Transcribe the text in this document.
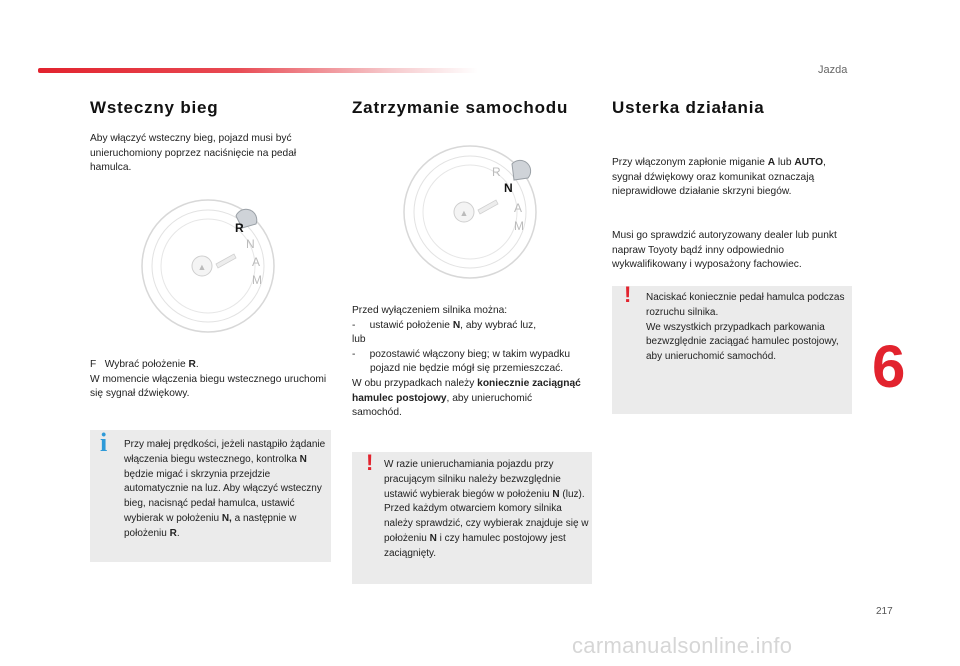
Jazda
Wsteczny bieg
Aby włączyć wsteczny bieg, pojazd musi być unieruchomiony poprzez naciśnięcie na pedał hamulca.
▲
R
N
A
M
F Wybrać położenie R.
W momencie włączenia biegu wstecznego uruchomi się sygnał dźwiękowy.
i Przy małej prędkości, jeżeli nastąpiło żądanie włączenia biegu wstecznego, kontrolka N będzie migać i skrzynia przejdzie automatycznie na luz. Aby włączyć wsteczny bieg, nacisnąć pedał hamulca, ustawić wybierak w położeniu N, a następnie w położeniu R.
Zatrzymanie samochodu
▲
R
N
A
M
Przed wyłączeniem silnika można:
- ustawić położenie N, aby wybrać luz,
lub
- pozostawić włączony bieg; w takim wypadku pojazd nie będzie mógł się przemieszczać.
W obu przypadkach należy koniecznie zaciągnąć hamulec postojowy, aby unieruchomić samochód.
! W razie unieruchamiania pojazdu przy pracującym silniku należy bezwzględnie ustawić wybierak biegów w położeniu N (luz).
Przed każdym otwarciem komory silnika należy sprawdzić, czy wybierak znajduje się w położeniu N i czy hamulec postojowy jest zaciągnięty.
Usterka działania
Przy włączonym zapłonie miganie A lub AUTO, sygnał dźwiękowy oraz komunikat oznaczają nieprawidłowe działanie skrzyni biegów.
Musi go sprawdzić autoryzowany dealer lub punkt napraw Toyoty bądź inny odpowiednio wykwalifikowany i wyposażony fachowiec.
! Naciskać koniecznie pedał hamulca podczas rozruchu silnika.
We wszystkich przypadkach parkowania bezwzględnie zaciągać hamulec postojowy, aby unieruchomić samochód.	6
217
carmanualsonline.info
